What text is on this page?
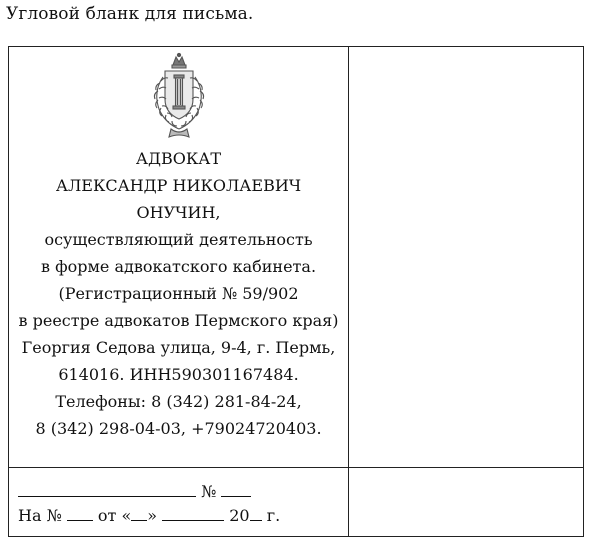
Угловой бланк для письма.
АДВОКАТ
АЛЕКСАНДР НИКОЛАЕВИЧ
ОНУЧИН,
осуществляющий деятельность
в форме адвокатского кабинета.
(Регистрационный № 59/902
в реестре адвокатов Пермского края)
Георгия Седова улица, 9-4, г. Пермь,
614016. ИНН590301167484.
Телефоны: 8 (342) 281-84-24,
8 (342) 298-04-03, +79024720403.
№
На № от « »	20 г.
